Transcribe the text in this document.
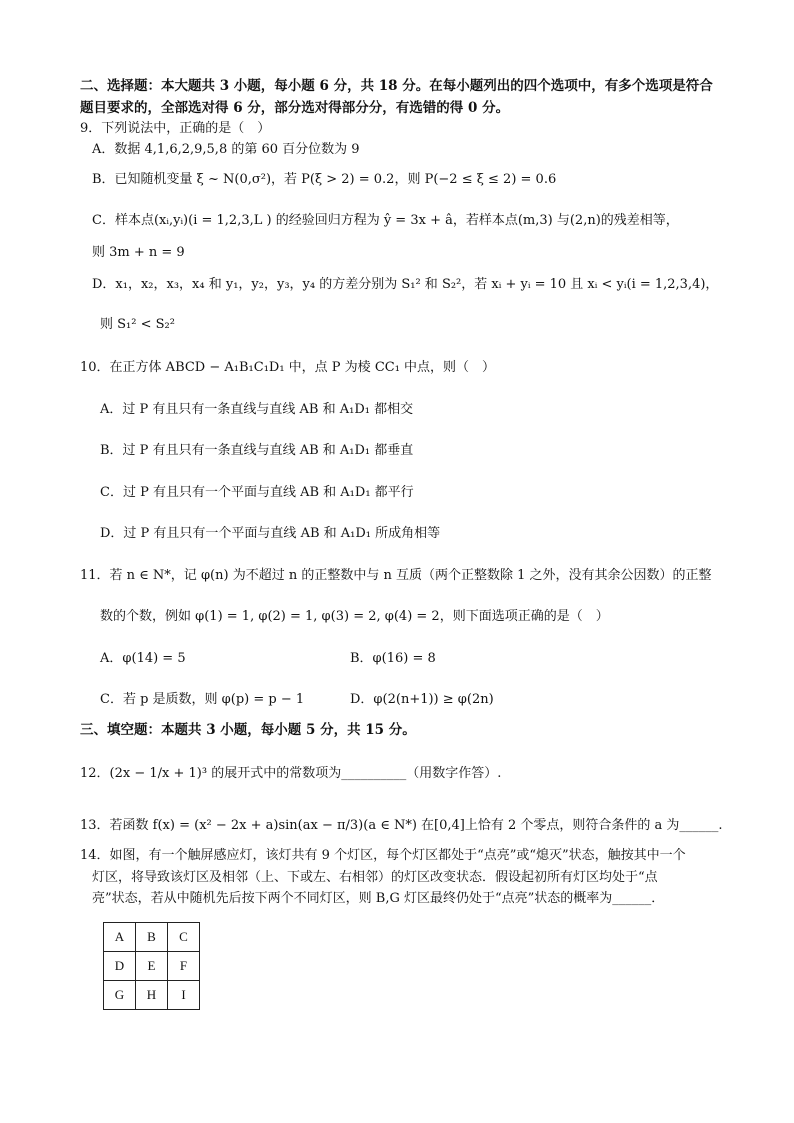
二、选择题：本大题共 3 小题，每小题 6 分，共 18 分。在每小题列出的四个选项中，有多个选项是符合
题目要求的，全部选对得 6 分，部分选对得部分分，有选错的得 0 分。
9．下列说法中，正确的是（　）
A．数据 4,1,6,2,9,5,8 的第 60 百分位数为 9
B．已知随机变量 ξ ~ N(0,σ²)，若 P(ξ > 2) = 0.2，则 P(−2 ≤ ξ ≤ 2) = 0.6
C．样本点(xᵢ,yᵢ)(i = 1,2,3,L ) 的经验回归方程为 ŷ = 3x + â，若样本点(m,3) 与(2,n)的残差相等，
则 3m + n = 9
D．x₁，x₂，x₃，x₄ 和 y₁，y₂，y₃，y₄ 的方差分别为 S₁² 和 S₂²，若 xᵢ + yᵢ = 10 且 xᵢ < yᵢ(i = 1,2,3,4)，
则 S₁² < S₂²
10．在正方体 ABCD − A₁B₁C₁D₁ 中，点 P 为棱 CC₁ 中点，则（　）
A．过 P 有且只有一条直线与直线 AB 和 A₁D₁ 都相交
B．过 P 有且只有一条直线与直线 AB 和 A₁D₁ 都垂直
C．过 P 有且只有一个平面与直线 AB 和 A₁D₁ 都平行
D．过 P 有且只有一个平面与直线 AB 和 A₁D₁ 所成角相等
11．若 n ∈ N*，记 φ(n) 为不超过 n 的正整数中与 n 互质（两个正整数除 1 之外，没有其余公因数）的正整
数的个数，例如 φ(1) = 1, φ(2) = 1, φ(3) = 2, φ(4) = 2，则下面选项正确的是（　）
A．φ(14) = 5	B．φ(16) = 8
C．若 p 是质数，则 φ(p) = p − 1	D．φ(2(n+1)) ≥ φ(2n)
三、填空题：本题共 3 小题，每小题 5 分，共 15 分。
12．(2x − 1/x + 1)³ 的展开式中的常数项为__________（用数字作答）.
13．若函数 f(x) = (x² − 2x + a)sin(ax − π/3)(a ∈ N*) 在[0,4]上恰有 2 个零点，则符合条件的 a 为______.
14．如图，有一个触屏感应灯，该灯共有 9 个灯区，每个灯区都处于“点亮”或“熄灭”状态，触按其中一个
灯区，将导致该灯区及相邻（上、下或左、右相邻）的灯区改变状态．假设起初所有灯区均处于“点
亮”状态，若从中随机先后按下两个不同灯区，则 B,G 灯区最终仍处于“点亮”状态的概率为______．
A	B	C
D	E	F
G	H	I
